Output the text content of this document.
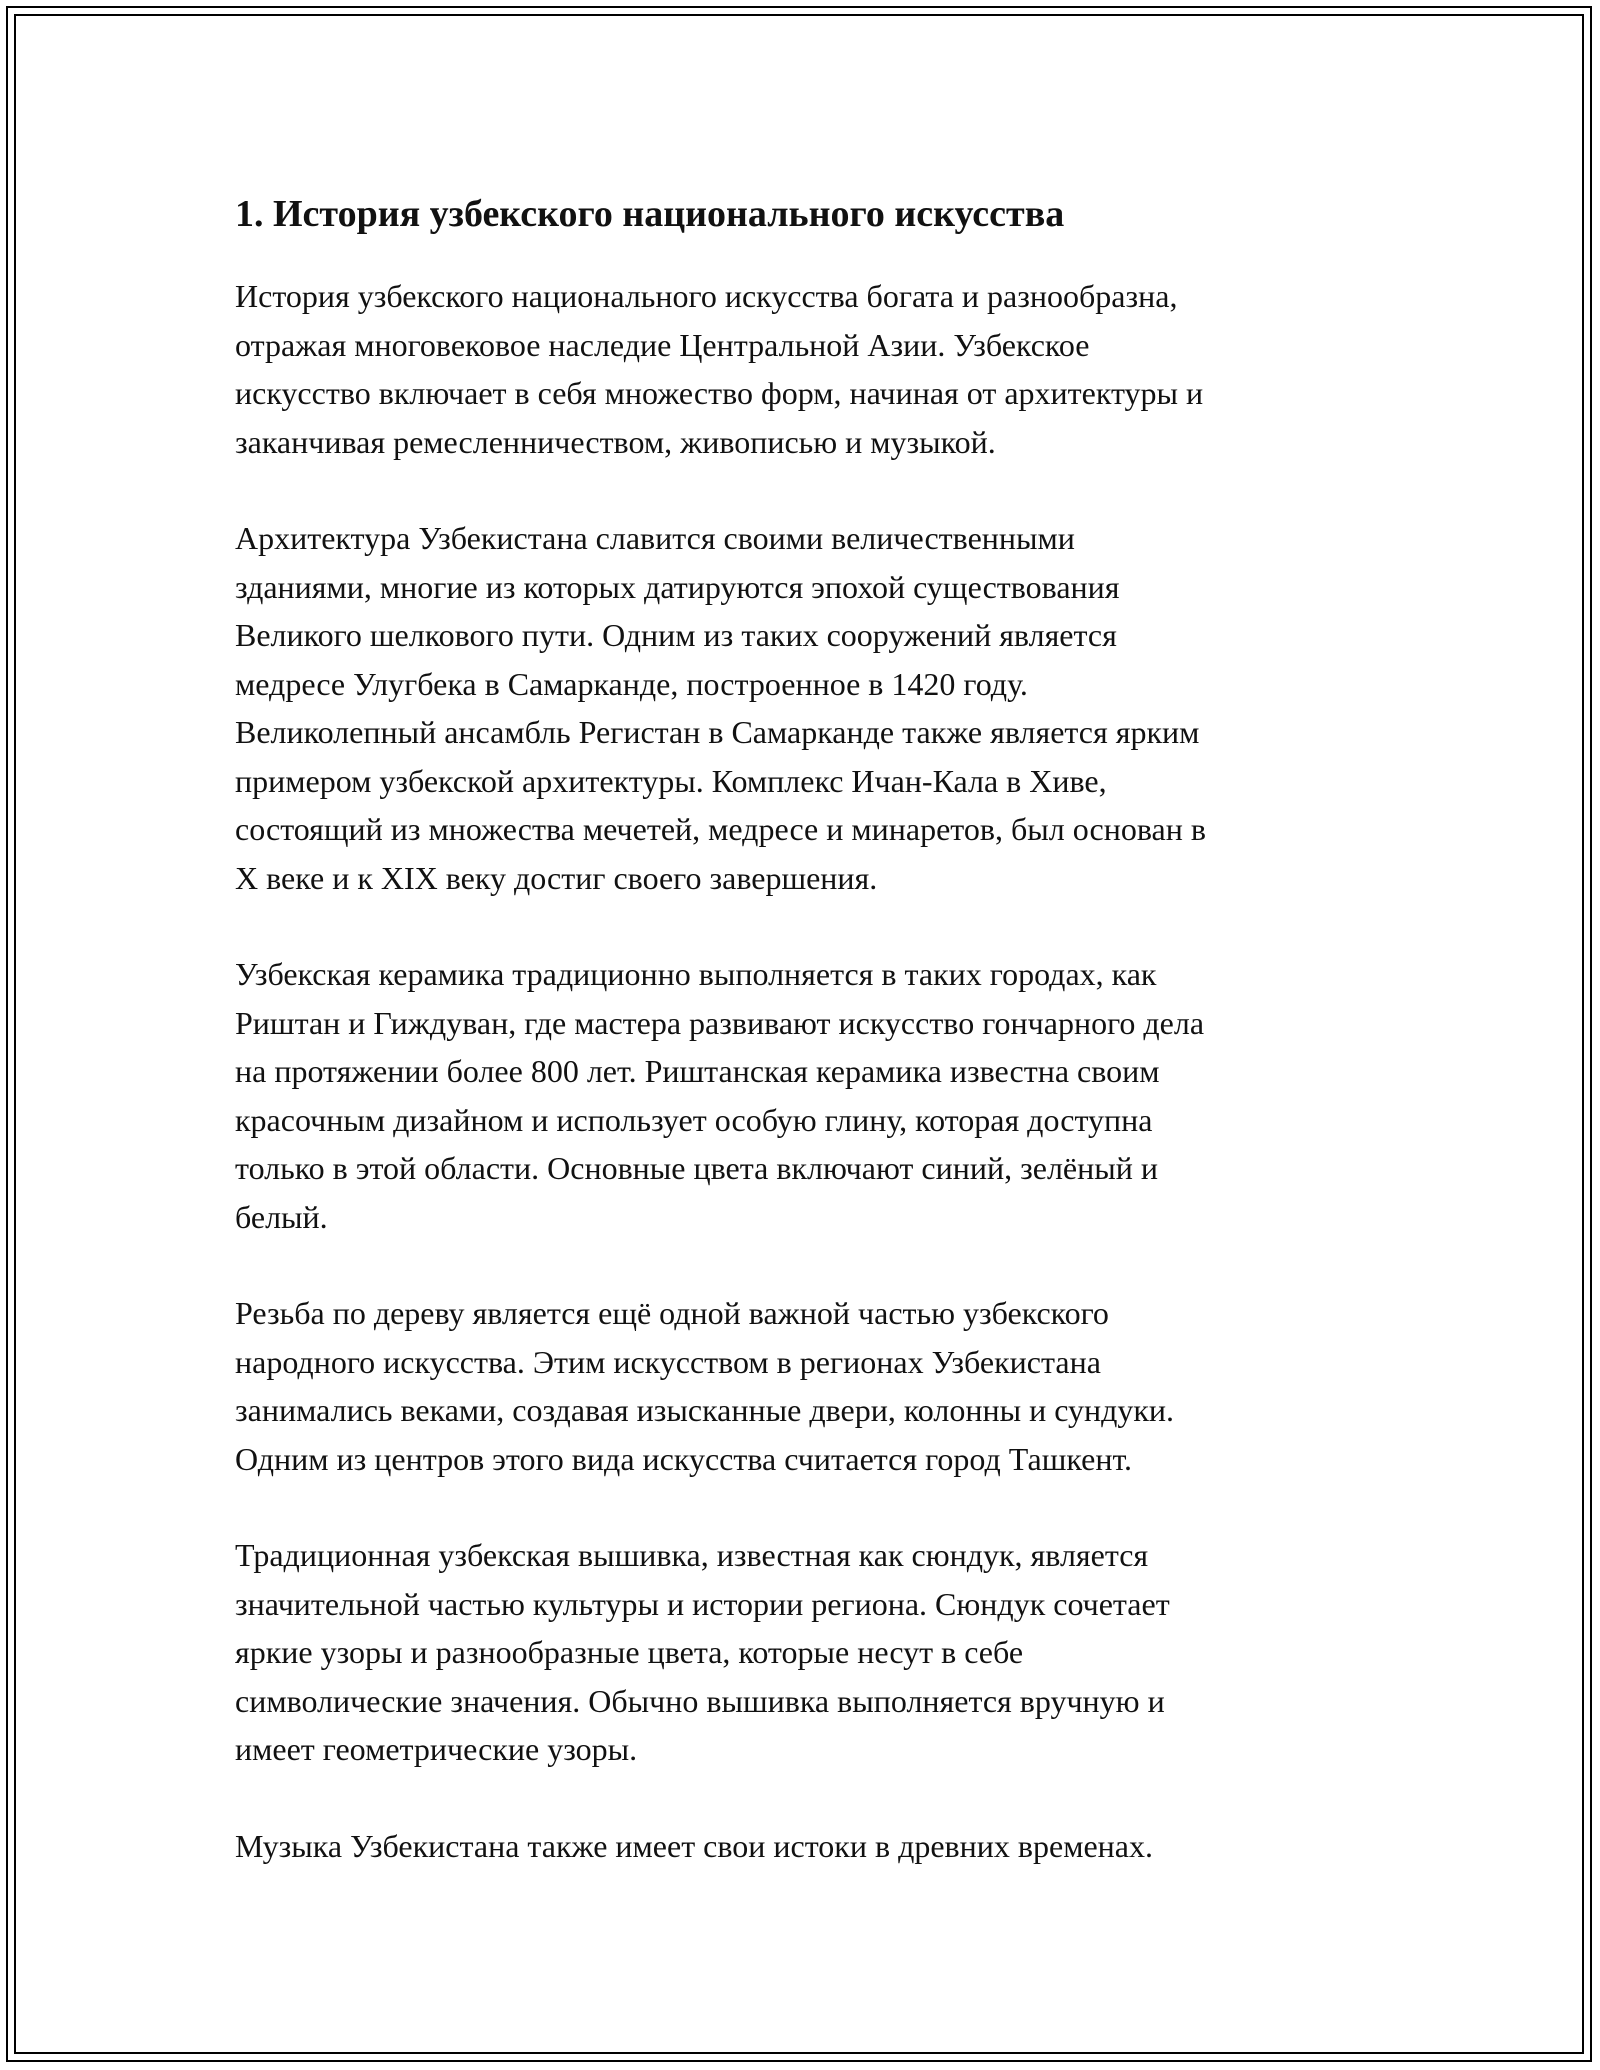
1. История узбекского национального искусства

История узбекского национального искусства богата и разнообразна,
отражая многовековое наследие Центральной Азии. Узбекское
искусство включает в себя множество форм, начиная от архитектуры и
заканчивая ремесленничеством, живописью и музыкой.

Архитектура Узбекистана славится своими величественными
зданиями, многие из которых датируются эпохой существования
Великого шелкового пути. Одним из таких сооружений является
медресе Улугбека в Самарканде, построенное в 1420 году.
Великолепный ансамбль Регистан в Самарканде также является ярким
примером узбекской архитектуры. Комплекс Ичан-Кала в Хиве,
состоящий из множества мечетей, медресе и минаретов, был основан в
X веке и к XIX веку достиг своего завершения.

Узбекская керамика традиционно выполняется в таких городах, как
Риштан и Гиждуван, где мастера развивают искусство гончарного дела
на протяжении более 800 лет. Риштанская керамика известна своим
красочным дизайном и использует особую глину, которая доступна
только в этой области. Основные цвета включают синий, зелёный и
белый.

Резьба по дереву является ещё одной важной частью узбекского
народного искусства. Этим искусством в регионах Узбекистана
занимались веками, создавая изысканные двери, колонны и сундуки.
Одним из центров этого вида искусства считается город Ташкент.

Традиционная узбекская вышивка, известная как сюндук, является
значительной частью культуры и истории региона. Сюндук сочетает
яркие узоры и разнообразные цвета, которые несут в себе
символические значения. Обычно вышивка выполняется вручную и
имеет геометрические узоры.

Музыка Узбекистана также имеет свои истоки в древних временах.
